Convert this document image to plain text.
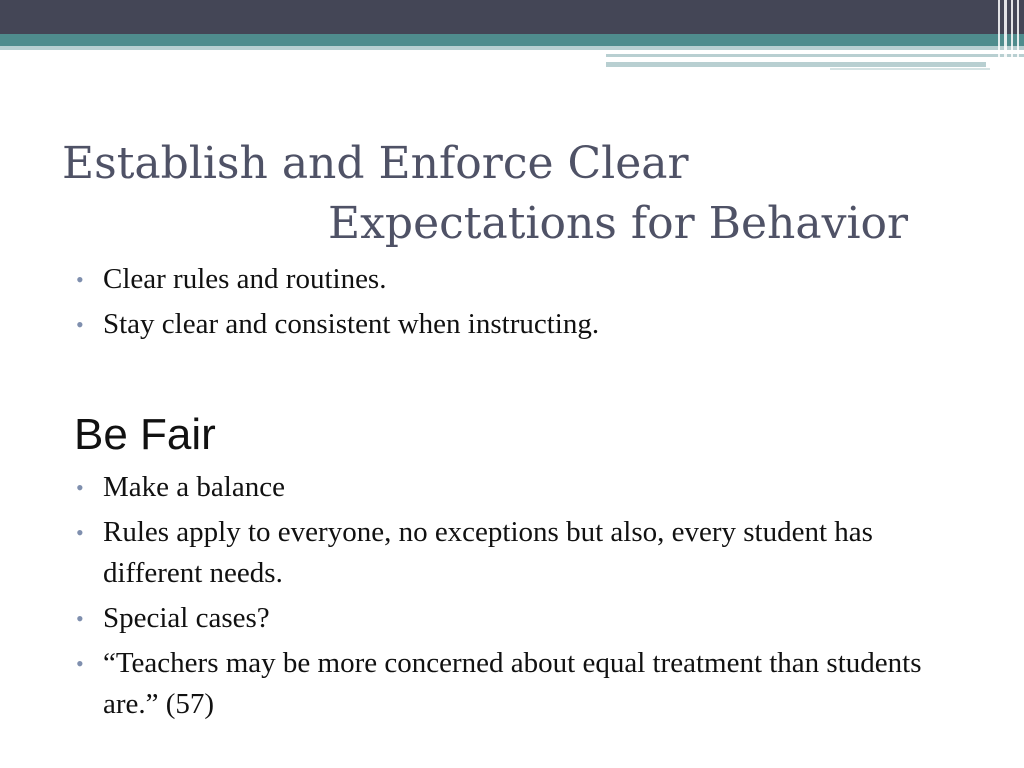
Establish and Enforce Clear
Expectations for Behavior
• Clear rules and routines.
• Stay clear and consistent when instructing.
Be Fair
• Make a balance
• Rules apply to everyone, no exceptions but also, every student has different needs.
• Special cases?
• “Teachers may be more concerned about equal treatment than students are.” (57)
